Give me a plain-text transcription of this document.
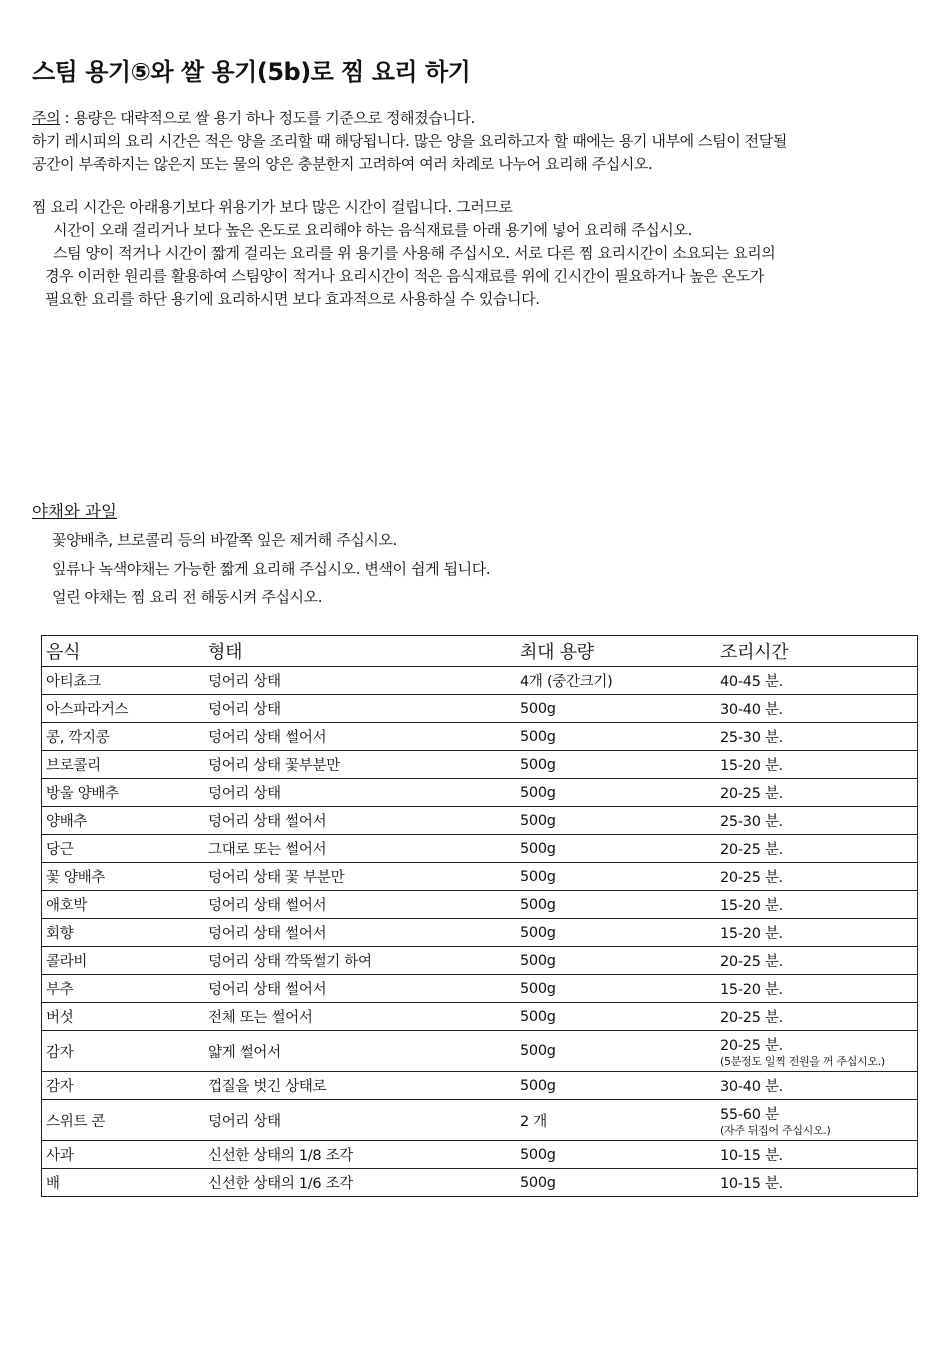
스팀 용기⑤와 쌀 용기(5b)로 찜 요리 하기
주의 : 용량은 대략적으로 쌀 용기 하나 정도를 기준으로 정해졌습니다.
하기 레시피의 요리 시간은 적은 양을 조리할 때 해당됩니다. 많은 양을 요리하고자 할 때에는 용기 내부에 스팀이 전달될
공간이 부족하지는 않은지 또는 물의 양은 충분한지 고려하여 여러 차례로 나누어 요리해 주십시오.
찜 요리 시간은 아래용기보다 위용기가 보다 많은 시간이 걸립니다. 그러므로
시간이 오래 걸리거나 보다 높은 온도로 요리해야 하는 음식재료를 아래 용기에 넣어 요리해 주십시오.
스팀 양이 적거나 시간이 짧게 걸리는 요리를 위 용기를 사용해 주십시오. 서로 다른 찜 요리시간이 소요되는 요리의
경우 이러한 원리를 활용하여 스팀양이 적거나 요리시간이 적은 음식재료를 위에 긴시간이 필요하거나 높은 온도가
필요한 요리를 하단 용기에 요리하시면 보다 효과적으로 사용하실 수 있습니다.
야채와 과일
꽃양배추, 브로콜리 등의 바깥쪽 잎은 제거해 주십시오.
잎류나 녹색야채는 가능한 짧게 요리해 주십시오. 변색이 쉽게 됩니다.
얼린 야채는 찜 요리 전 해동시켜 주십시오.
음식	형태	최대 용량	조리시간
아티쵸크	덩어리 상태	4개 (중간크기)	40-45 분.
아스파라거스	덩어리 상태	500g	30-40 분.
콩, 깍지콩	덩어리 상태 썰어서	500g	25-30 분.
브로콜리	덩어리 상태 꽃부분만	500g	15-20 분.
방울 양배추	덩어리 상태	500g	20-25 분.
양배추	덩어리 상태 썰어서	500g	25-30 분.
당근	그대로 또는 썰어서	500g	20-25 분.
꽃 양배추	덩어리 상태 꽃 부분만	500g	20-25 분.
애호박	덩어리 상태 썰어서	500g	15-20 분.
회향	덩어리 상태 썰어서	500g	15-20 분.
콜라비	덩어리 상태 깍뚝썰기 하여	500g	20-25 분.
부추	덩어리 상태 썰어서	500g	15-20 분.
버섯	전체 또는 썰어서	500g	20-25 분.
감자	얇게 썰어서	500g	20-25 분.
(5분정도 일찍 전원을 꺼 주십시오.)

감자	껍질을 벗긴 상태로	500g	30-40 분.
스위트 콘	덩어리 상태	2 개	55-60 분
(자주 뒤집어 주십시오.)

사과	신선한 상태의 1/8 조각	500g	10-15 분.
배	신선한 상태의 1/6 조각	500g	10-15 분.
